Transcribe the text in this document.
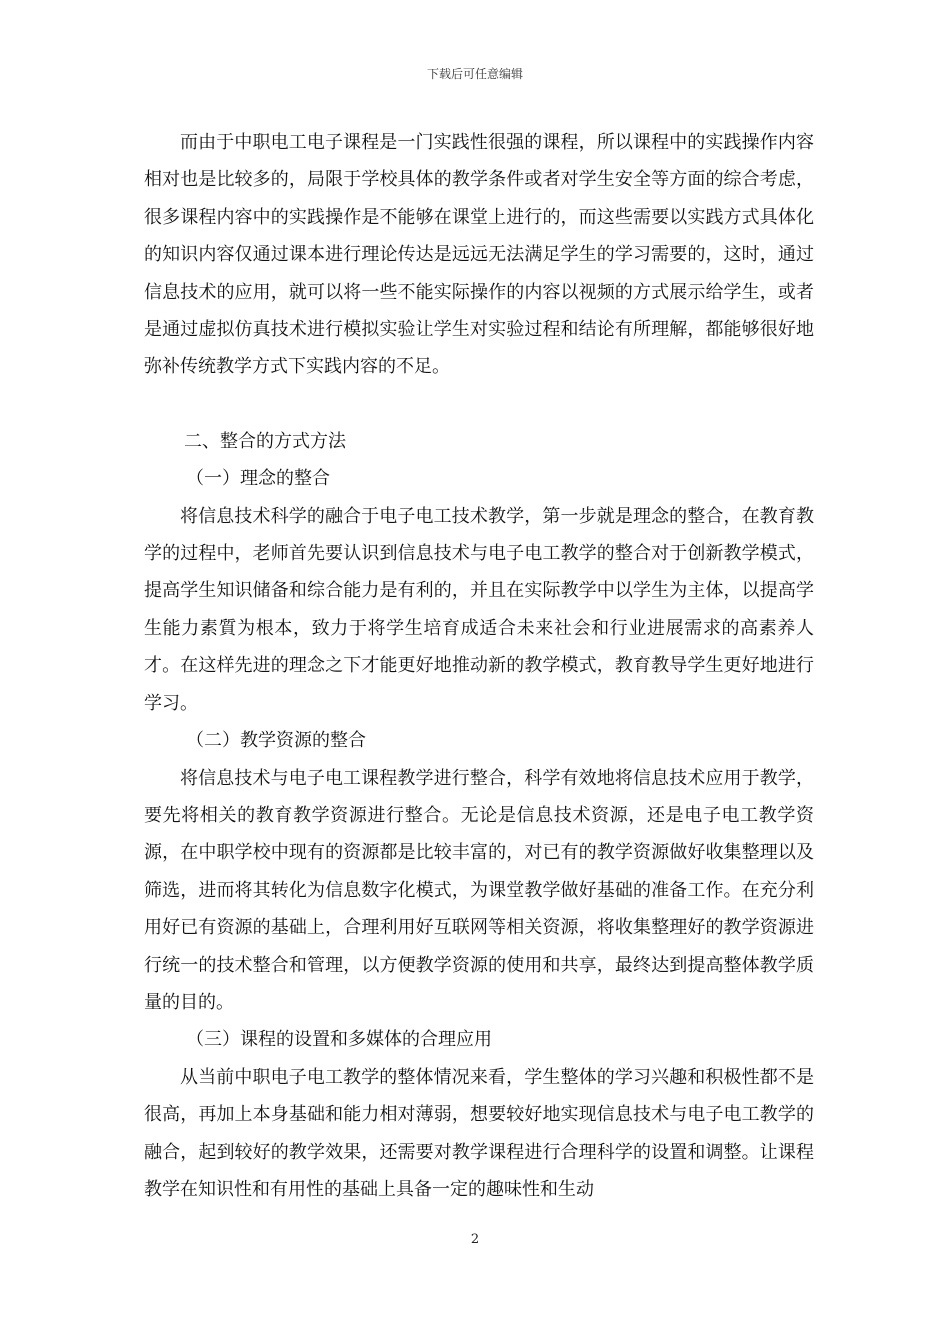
下载后可任意编辑

而由于中职电工电子课程是一门实践性很强的课程，所以课程中的实践操作内容相对也是比较多的，局限于学校具体的教学条件或者对学生安全等方面的综合考虑，很多课程内容中的实践操作是不能够在课堂上进行的，而这些需要以实践方式具体化的知识内容仅通过课本进行理论传达是远远无法满足学生的学习需要的，这时，通过信息技术的应用，就可以将一些不能实际操作的内容以视频的方式展示给学生，或者是通过虚拟仿真技术进行模拟实验让学生对实验过程和结论有所理解，都能够很好地弥补传统教学方式下实践内容的不足。

二、整合的方式方法

（一）理念的整合

将信息技术科学的融合于电子电工技术教学，第一步就是理念的整合，在教育教学的过程中，老师首先要认识到信息技术与电子电工教学的整合对于创新教学模式，提高学生知识储备和综合能力是有利的，并且在实际教学中以学生为主体，以提高学生能力素質为根本，致力于将学生培育成适合未来社会和行业进展需求的高素养人才。在这样先进的理念之下才能更好地推动新的教学模式，教育教导学生更好地进行学习。

（二）教学资源的整合

将信息技术与电子电工课程教学进行整合，科学有效地将信息技术应用于教学，要先将相关的教育教学资源进行整合。无论是信息技术资源，还是电子电工教学资源，在中职学校中现有的资源都是比较丰富的，对已有的教学资源做好收集整理以及筛选，进而将其转化为信息数字化模式，为课堂教学做好基础的准备工作。在充分利用好已有资源的基础上，合理利用好互联网等相关资源，将收集整理好的教学资源进行统一的技术整合和管理，以方便教学资源的使用和共享，最终达到提高整体教学质量的目的。

（三）课程的设置和多媒体的合理应用

从当前中职电子电工教学的整体情况来看，学生整体的学习兴趣和积极性都不是很高，再加上本身基础和能力相对薄弱，想要较好地实现信息技术与电子电工教学的融合，起到较好的教学效果，还需要对教学课程进行合理科学的设置和调整。让课程教学在知识性和有用性的基础上具备一定的趣味性和生动

2
